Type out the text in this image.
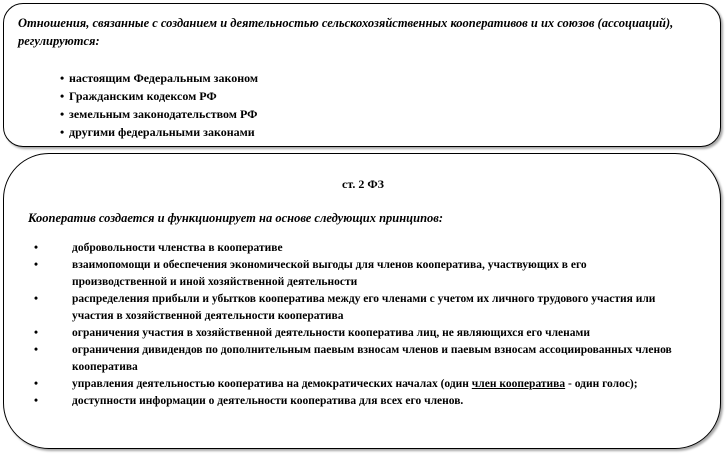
Отношения, связанные с созданием и деятельностью сельскохозяйственных кооперативов и их союзов (ассоциаций), регулируются:
• настоящим Федеральным законом
• Гражданским кодексом РФ
• земельным законодательством РФ
• другими федеральными законами
ст. 2 ФЗ
Кооператив создается и функционирует на основе следующих принципов:
•	добровольности членства в кооперативе
•	взаимопомощи и обеспечения экономической выгоды для членов кооператива, участвующих в его производственной и иной хозяйственной деятельности
•	распределения прибыли и убытков кооператива между его членами с учетом их личного трудового участия или участия в хозяйственной деятельности кооператива
•	ограничения участия в хозяйственной деятельности кооператива лиц, не являющихся его членами
•	ограничения дивидендов по дополнительным паевым взносам членов и паевым взносам ассоциированных членов кооператива
•	управления деятельностью кооператива на демократических началах (один член кооператива - один голос);
•	доступности информации о деятельности кооператива для всех его членов.
